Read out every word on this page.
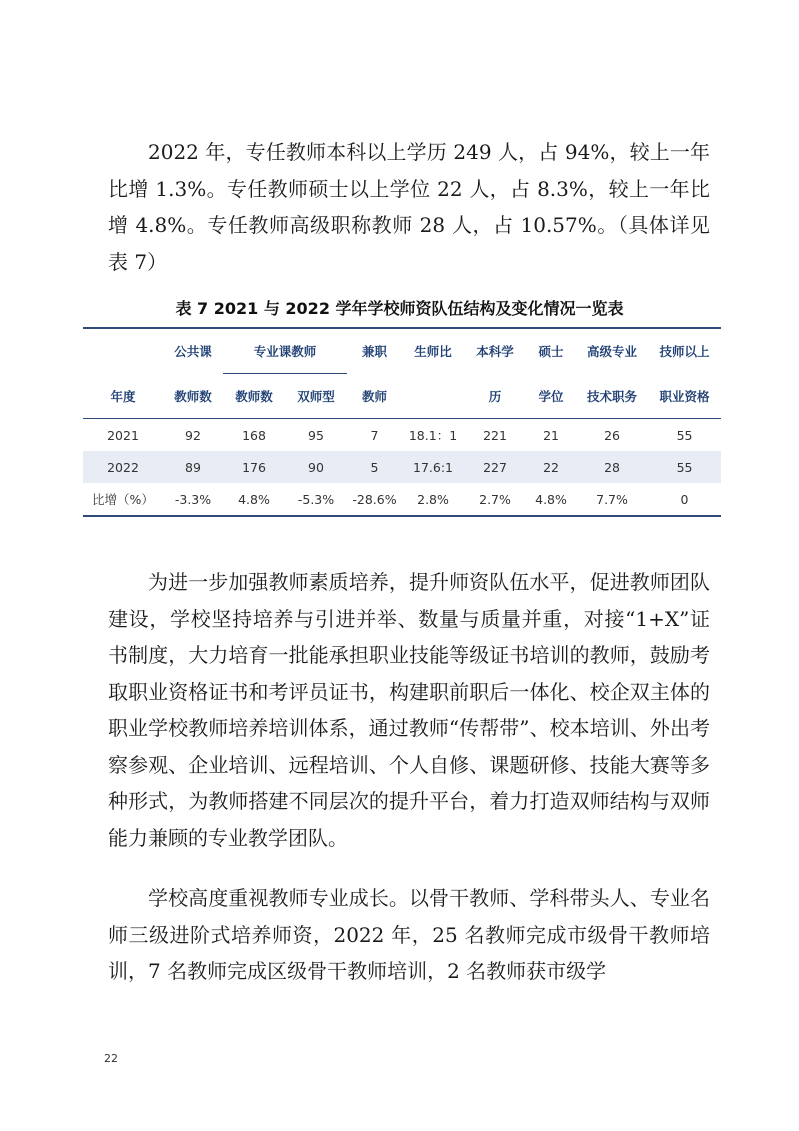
2022 年，专任教师本科以上学历 249 人，占 94%，较上一年比增 1.3%。专任教师硕士以上学位 22 人，占 8.3%，较上一年比增 4.8%。专任教师高级职称教师 28 人，占 10.57%。（具体详见表 7）

表 7 2021 与 2022 学年学校师资队伍结构及变化情况一览表
	公共课	专业课教师		兼职	生师比	本科学	硕士	高级专业	技师以上
年度	教师数	教师数	双师型	教师		历	学位	技术职务	职业资格
2021	92	168	95	7	18.1：1	221	21	26	55
2022	89	176	90	5	17.6:1	227	22	28	55
比增（%）	-3.3%	4.8%	-5.3%	-28.6%	2.8%	2.7%	4.8%	7.7%	0

为进一步加强教师素质培养，提升师资队伍水平，促进教师团队建设，学校坚持培养与引进并举、数量与质量并重，对接“1+X”证书制度，大力培育一批能承担职业技能等级证书培训的教师，鼓励考取职业资格证书和考评员证书，构建职前职后一体化、校企双主体的职业学校教师培养培训体系，通过教师“传帮带”、校本培训、外出考察参观、企业培训、远程培训、个人自修、课题研修、技能大赛等多种形式，为教师搭建不同层次的提升平台，着力打造双师结构与双师能力兼顾的专业教学团队。

学校高度重视教师专业成长。以骨干教师、学科带头人、专业名师三级进阶式培养师资，2022 年，25 名教师完成市级骨干教师培训，7 名教师完成区级骨干教师培训，2 名教师获市级学

22
